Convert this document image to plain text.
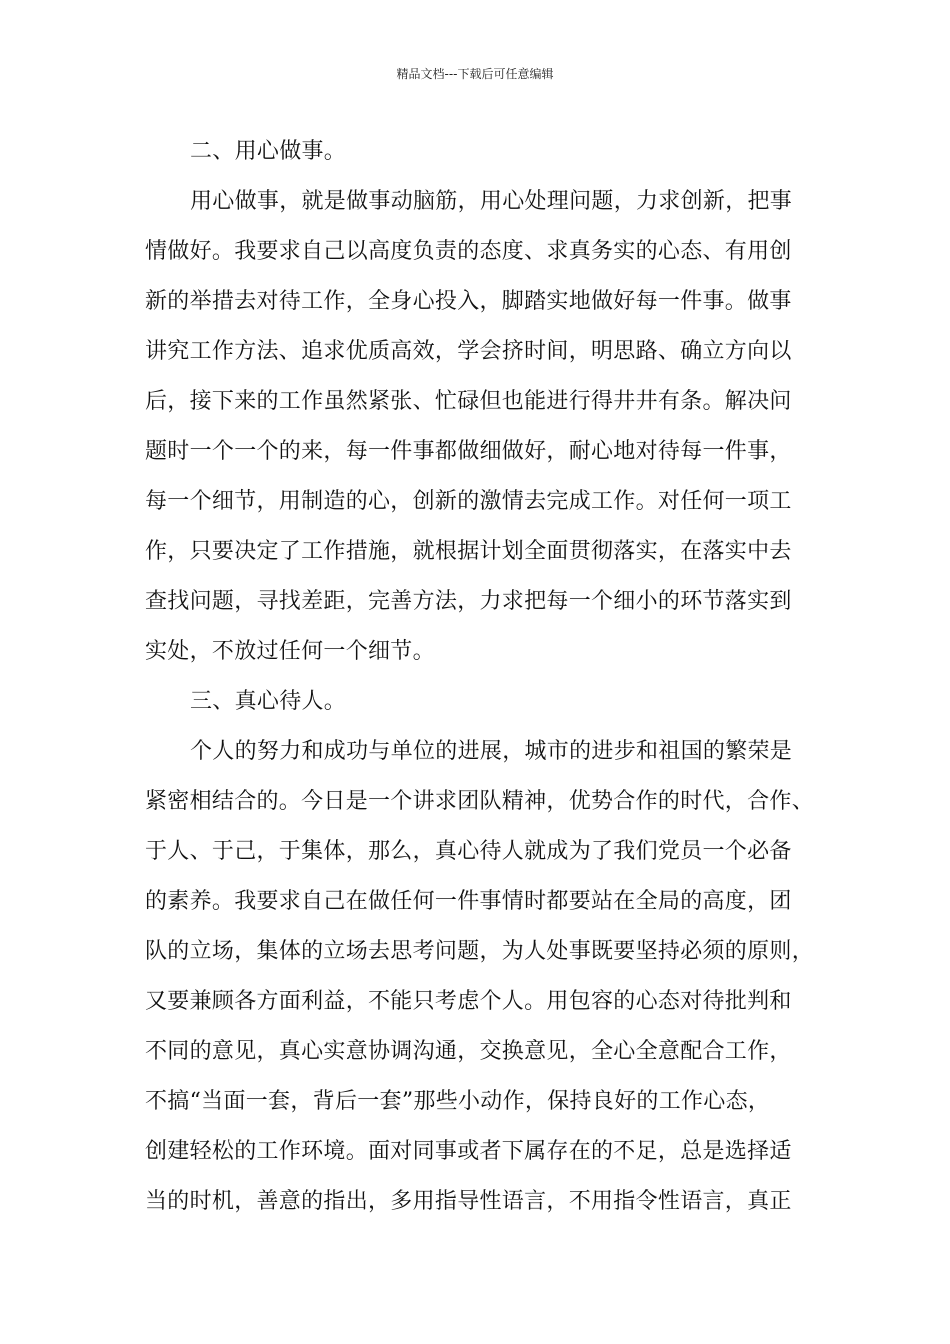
精品文档---下载后可任意编辑
二、用心做事。
用心做事，就是做事动脑筋，用心处理问题，力求创新，把事
情做好。我要求自己以高度负责的态度、求真务实的心态、有用创
新的举措去对待工作，全身心投入，脚踏实地做好每一件事。做事
讲究工作方法、追求优质高效，学会挤时间，明思路、确立方向以
后，接下来的工作虽然紧张、忙碌但也能进行得井井有条。解决问
题时一个一个的来，每一件事都做细做好，耐心地对待每一件事，
每一个细节，用制造的心，创新的激情去完成工作。对任何一项工
作，只要决定了工作措施，就根据计划全面贯彻落实，在落实中去
查找问题，寻找差距，完善方法，力求把每一个细小的环节落实到
实处，不放过任何一个细节。
三、真心待人。
个人的努力和成功与单位的进展，城市的进步和祖国的繁荣是
紧密相结合的。今日是一个讲求团队精神，优势合作的时代，合作、
于人、于己，于集体，那么，真心待人就成为了我们党员一个必备
的素养。我要求自己在做任何一件事情时都要站在全局的高度，团
队的立场，集体的立场去思考问题，为人处事既要坚持必须的原则，
又要兼顾各方面利益，不能只考虑个人。用包容的心态对待批判和
不同的意见，真心实意协调沟通，交换意见，全心全意配合工作，
不搞“当面一套，背后一套”那些小动作，保持良好的工作心态，
创建轻松的工作环境。面对同事或者下属存在的不足，总是选择适
当的时机，善意的指出，多用指导性语言，不用指令性语言，真正
